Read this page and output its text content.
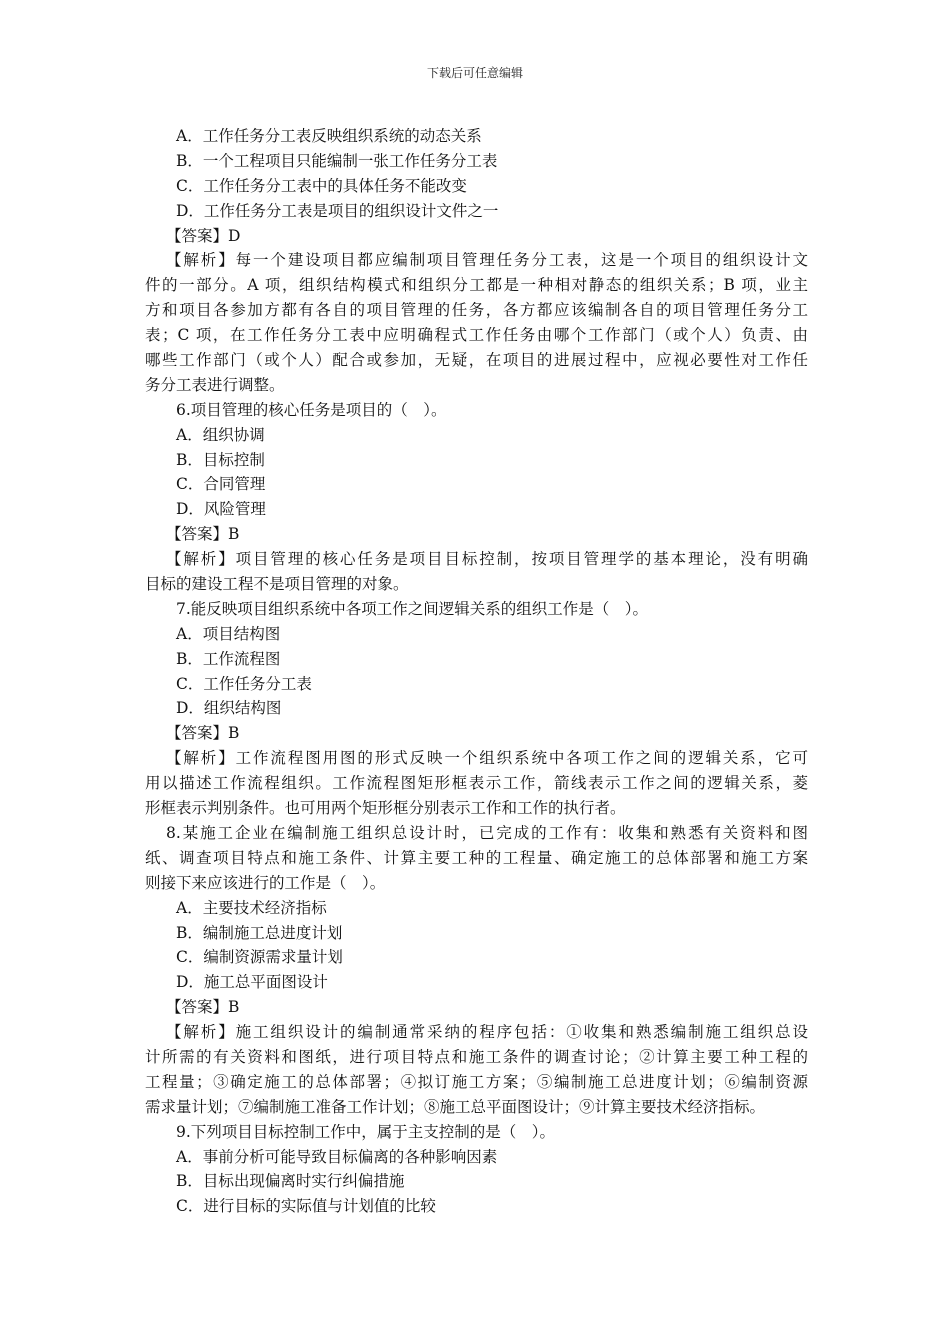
下载后可任意编辑
A．工作任务分工表反映组织系统的动态关系
B．一个工程项目只能编制一张工作任务分工表
C．工作任务分工表中的具体任务不能改变
D．工作任务分工表是项目的组织设计文件之一
【答案】D
【解析】每一个建设项目都应编制项目管理任务分工表，这是一个项目的组织设计文
件的一部分。A 项，组织结构模式和组织分工都是一种相对静态的组织关系；B 项，业主
方和项目各参加方都有各自的项目管理的任务，各方都应该编制各自的项目管理任务分工
表；C 项，在工作任务分工表中应明确程式工作任务由哪个工作部门（或个人）负责、由
哪些工作部门（或个人）配合或参加，无疑，在项目的进展过程中，应视必要性对工作任
务分工表进行调整。
6.项目管理的核心任务是项目的（　）。
A．组织协调
B．目标控制
C．合同管理
D．风险管理
【答案】B
【解析】项目管理的核心任务是项目目标控制，按项目管理学的基本理论，没有明确
目标的建设工程不是项目管理的对象。
7.能反映项目组织系统中各项工作之间逻辑关系的组织工作是（　）。
A．项目结构图
B．工作流程图
C．工作任务分工表
D．组织结构图
【答案】B
【解析】工作流程图用图的形式反映一个组织系统中各项工作之间的逻辑关系，它可
用以描述工作流程组织。工作流程图矩形框表示工作，箭线表示工作之间的逻辑关系，菱
形框表示判别条件。也可用两个矩形框分别表示工作和工作的执行者。
8.某施工企业在编制施工组织总设计时，已完成的工作有：收集和熟悉有关资料和图
纸、调查项目特点和施工条件、计算主要工种的工程量、确定施工的总体部署和施工方案
则接下来应该进行的工作是（　）。
A．主要技术经济指标
B．编制施工总进度计划
C．编制资源需求量计划
D．施工总平面图设计
【答案】B
【解析】施工组织设计的编制通常采纳的程序包括：①收集和熟悉编制施工组织总设
计所需的有关资料和图纸，进行项目特点和施工条件的调查讨论；②计算主要工种工程的
工程量；③确定施工的总体部署；④拟订施工方案；⑤编制施工总进度计划；⑥编制资源
需求量计划；⑦编制施工准备工作计划；⑧施工总平面图设计；⑨计算主要技术经济指标。
9.下列项目目标控制工作中，属于主支控制的是（　）。
A．事前分析可能导致目标偏离的各种影响因素
B．目标出现偏离时实行纠偏措施
C．进行目标的实际值与计划值的比较
